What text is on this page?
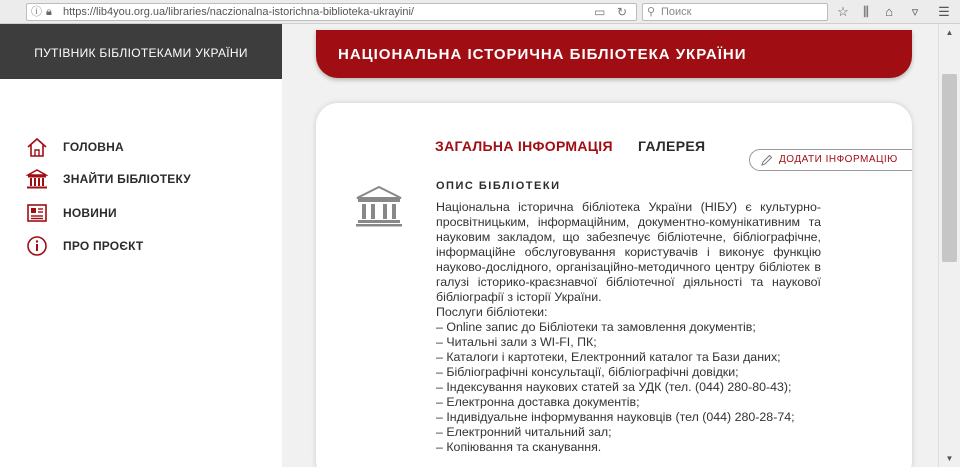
ⓘ 🔒︎ https://lib4you.org.ua/libraries/naczionalna-istorichna-biblioteka-ukrayini/	▭ ↻ ⚲ Поиск	☆	⫼	⌂	▿	☰
ПУТІВНИК БІБЛІОТЕКАМИ УКРАЇНИ
ГОЛОВНА
ЗНАЙТИ БІБЛІОТЕКУ
НОВИНИ
ПРО ПРОЄКТ
НАЦІОНАЛЬНА ІСТОРИЧНА БІБЛІОТЕКА УКРАЇНИ
ЗАГАЛЬНА ІНФОРМАЦІЯ ГАЛЕРЕЯ
ДОДАТИ ІНФОРМАЦІЮ
ОПИС БІБЛІОТЕКИ

Національна історична бібліотека України (НІБУ) є культурно-просвітницьким, інформаційним, документно-комунікативним та науковим закладом, що забезпечує бібліотечне, бібліографічне, інформаційне обслуговування користувачів і виконує функцію науково-дослідного, організаційно-методичного центру бібліотек в галузі історико-краєзнавчої бібліотечної діяльності та наукової бібліографії з історії України.

Послуги бібліотеки:
– Online запис до Бібліотеки та замовлення документів;
– Читальні зали з WI-FI, ПК;
– Каталоги і картотеки, Електронний каталог та Бази даних;
– Бібліографічні консультації, бібліографічні довідки;
– Індексування наукових статей за УДК (тел. (044) 280-80-43);
– Електронна доставка документів;
– Індивідуальне інформування науковців (тел (044) 280-28-74;
– Електронний читальний зал;
– Копіювання та сканування.
▲
▼
